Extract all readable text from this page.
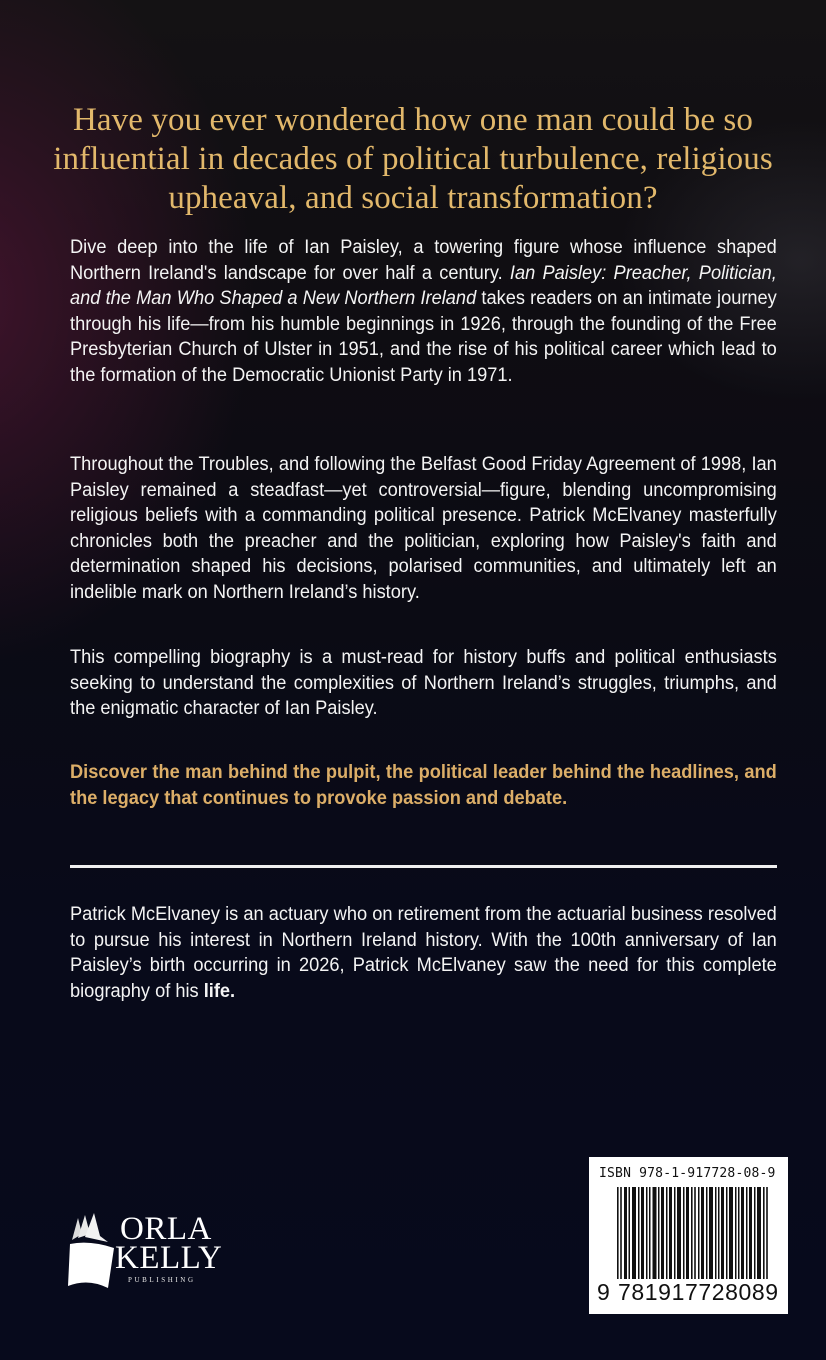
Have you ever wondered how one man could be so influential in decades of political turbulence, religious upheaval, and social transformation?

Dive deep into the life of Ian Paisley, a towering figure whose influence shaped Northern Ireland's landscape for over half a century. Ian Paisley: Preacher, Politician, and the Man Who Shaped a New Northern Ireland takes readers on an intimate journey through his life—from his humble beginnings in 1926, through the founding of the Free Presbyterian Church of Ulster in 1951, and the rise of his political career which lead to the formation of the Democratic Unionist Party in 1971.

Throughout the Troubles, and following the Belfast Good Friday Agreement of 1998, Ian Paisley remained a steadfast—yet controversial—figure, blending uncompromising religious beliefs with a commanding political presence. Patrick McElvaney masterfully chronicles both the preacher and the politician, exploring how Paisley's faith and determination shaped his decisions, polarised communities, and ultimately left an indelible mark on Northern Ireland’s history.

This compelling biography is a must-read for history buffs and political enthusiasts seeking to understand the complexities of Northern Ireland’s struggles, triumphs, and the enigmatic character of Ian Paisley.

Discover the man behind the pulpit, the political leader behind the headlines, and the legacy that continues to provoke passion and debate.

Patrick McElvaney is an actuary who on retirement from the actuarial business resolved to pursue his interest in Northern Ireland history. With the 100th anniversary of Ian Paisley’s birth occurring in 2026, Patrick McElvaney saw the need for this complete biography of his life.

ORLA
KELLY
PUBLISHING
ISBN 978-1-917728-08-9
9 781917728089
